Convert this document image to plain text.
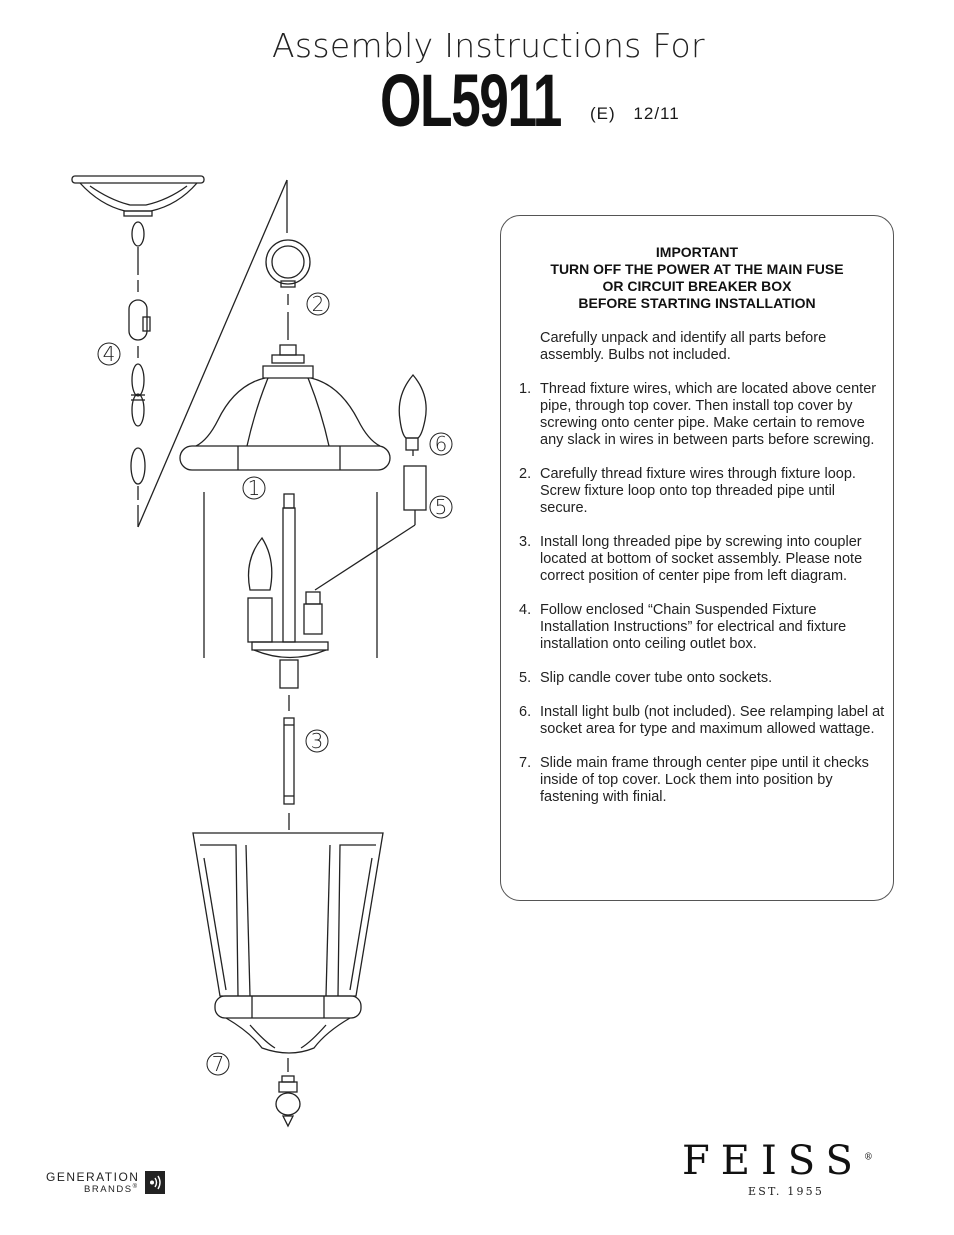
Assembly Instructions For
OL5911 (E) 12/11
1
2
3
4
5
6
7
IMPORTANT
TURN OFF THE POWER AT THE MAIN FUSE
OR CIRCUIT BREAKER BOX
BEFORE STARTING INSTALLATION
Carefully unpack and identify all parts before assembly. Bulbs not included.
1. Thread fixture wires, which are located above center pipe, through top cover. Then install top cover by screwing onto center pipe. Make certain to remove any slack in wires in between parts before screwing.
2. Carefully thread fixture wires through fixture loop. Screw fixture loop onto top threaded pipe until secure.
3. Install long threaded pipe by screwing into coupler located at bottom of socket assembly. Please note correct position of center pipe from left diagram.
4. Follow enclosed “Chain Suspended Fixture Installation Instructions” for electrical and fixture installation onto ceiling outlet box.
5. Slip candle cover tube onto sockets.
6. Install light bulb (not included). See relamping label at socket area for type and maximum allowed wattage.
7. Slide main frame through center pipe until it checks inside of top cover. Lock them into position by fastening with finial.
GENERATION
BRANDS®
FEISS®
EST. 1955
